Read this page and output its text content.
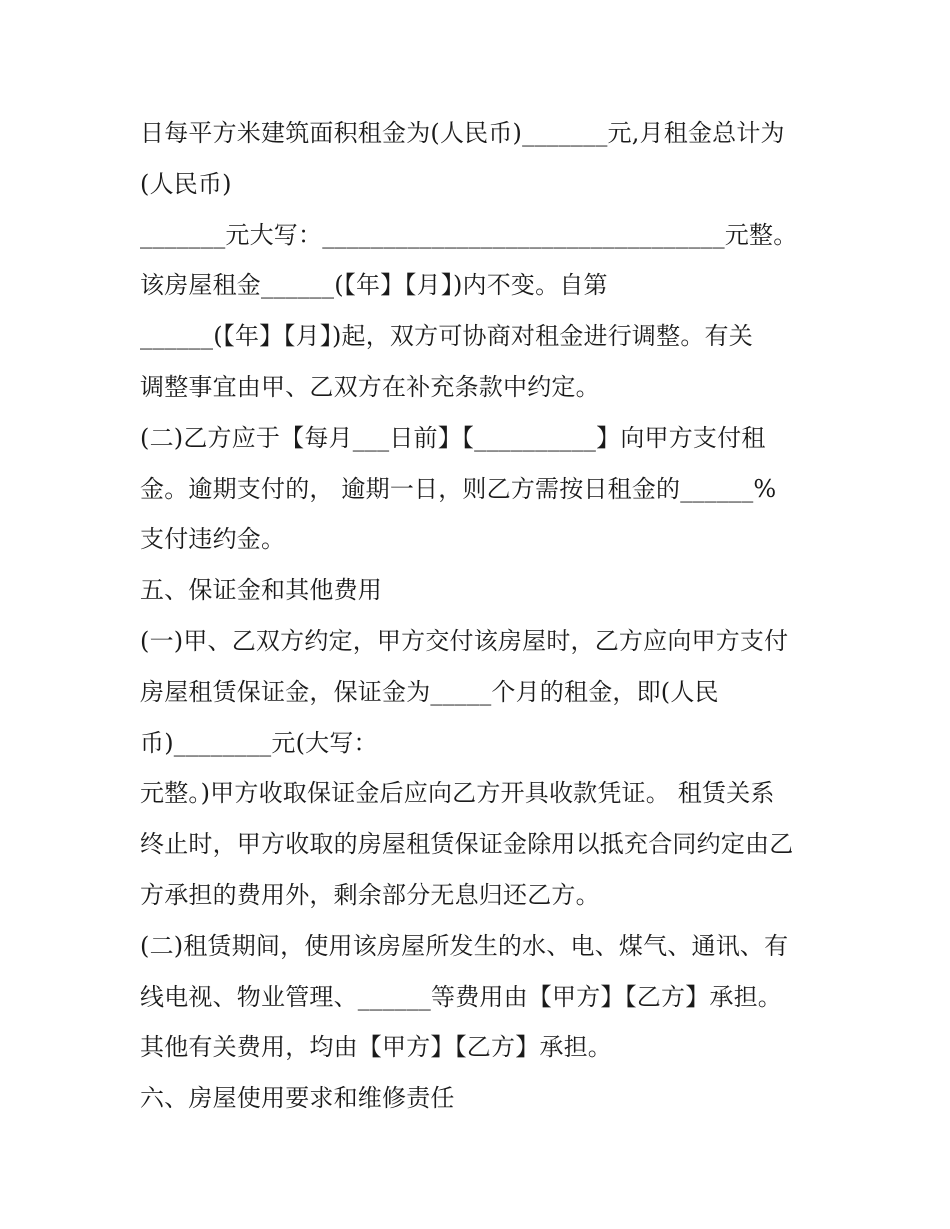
日每平方米建筑面积租金为(人民币)_______元,月租金总计为
(人民币)
_______元大写：_________________________________元整。
该房屋租金______(【年】【月】)内不变。自第
______(【年】【月】)起，双方可协商对租金进行调整。有关
调整事宜由甲、乙双方在补充条款中约定。
(二)乙方应于【每月___日前】【__________】向甲方支付租
金。逾期支付的， 逾期一日，则乙方需按日租金的______%
支付违约金。
五、保证金和其他费用
(一)甲、乙双方约定，甲方交付该房屋时，乙方应向甲方支付
房屋租赁保证金，保证金为_____个月的租金，即(人民
币)________元(大写：
元整。)甲方收取保证金后应向乙方开具收款凭证。 租赁关系
终止时，甲方收取的房屋租赁保证金除用以抵充合同约定由乙
方承担的费用外，剩余部分无息归还乙方。
(二)租赁期间，使用该房屋所发生的水、电、煤气、通讯、有
线电视、物业管理、______等费用由【甲方】【乙方】承担。
其他有关费用，均由【甲方】【乙方】承担。
六、房屋使用要求和维修责任
